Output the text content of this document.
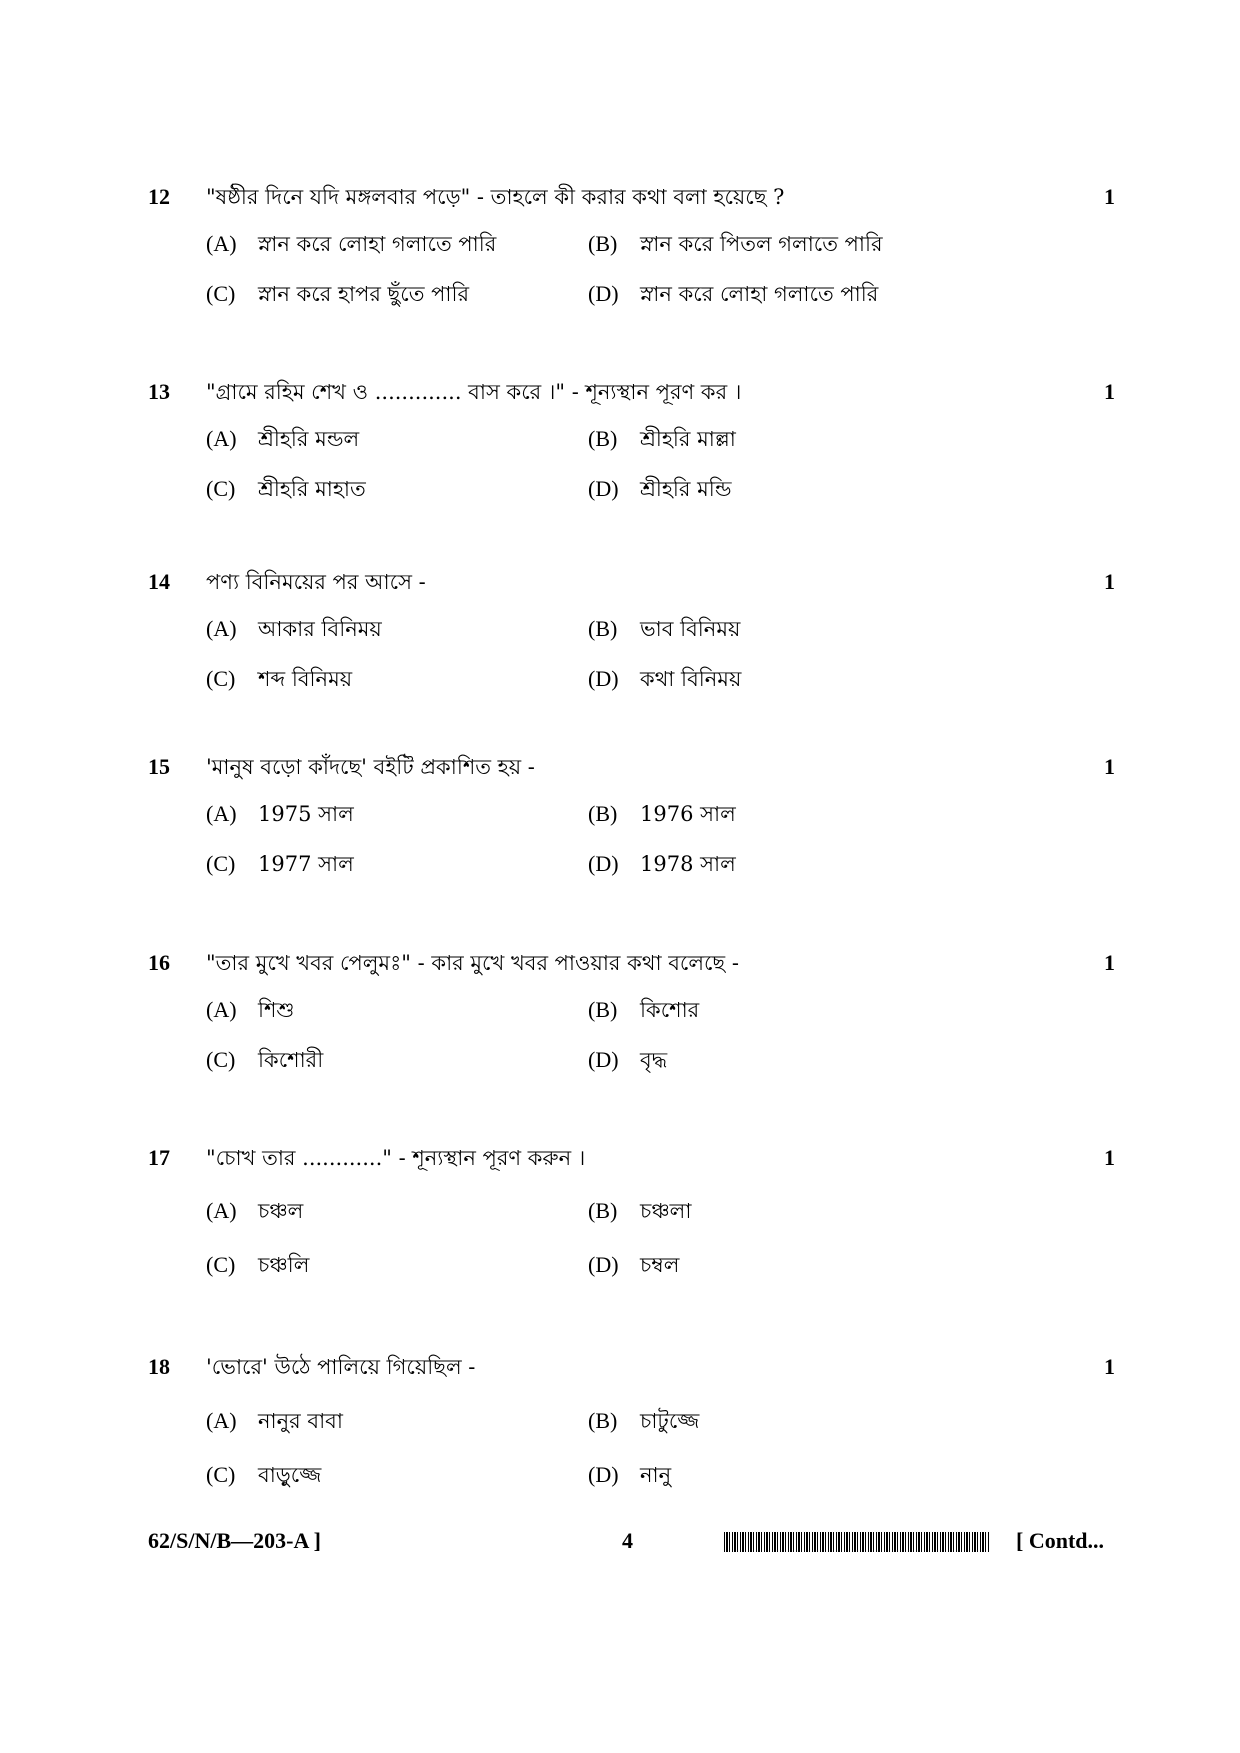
12 "ষষ্ঠীর দিনে যদি মঙ্গলবার পড়ে" - তাহলে কী করার কথা বলা হয়েছে ?	1
(A) স্নান করে লোহা গলাতে পারি	(B) স্নান করে পিতল গলাতে পারি
(C) স্নান করে হাপর ছুঁতে পারি	(D) স্নান করে লোহা গলাতে পারি
13 "গ্রামে রহিম শেখ ও ............. বাস করে ।" - শূন্যস্থান পূরণ কর ।	1
(A) শ্রীহরি মন্ডল	(B) শ্রীহরি মাল্লা
(C) শ্রীহরি মাহাত	(D) শ্রীহরি মন্ডি
14 পণ্য বিনিময়ের পর আসে -	1
(A) আকার বিনিময়	(B) ভাব বিনিময়
(C) শব্দ বিনিময়	(D) কথা বিনিময়
15 'মানুষ বড়ো কাঁদছে' বইটি প্রকাশিত হয় -	1
(A) 1975 সাল	(B) 1976 সাল
(C) 1977 সাল	(D) 1978 সাল
16 "তার মুখে খবর পেলুমঃ" - কার মুখে খবর পাওয়ার কথা বলেছে -	1
(A) শিশু	(B) কিশোর
(C) কিশোরী	(D) বৃদ্ধ
17 "চোখ তার ............" - শূন্যস্থান পূরণ করুন ।	1
(A) চঞ্চল	(B) চঞ্চলা
(C) চঞ্চলি	(D) চম্বল
18 'ভোরে' উঠে পালিয়ে গিয়েছিল -	1
(A) নানুর বাবা	(B) চাটুজ্জে
(C) বাড়ুজ্জে	(D) নানু
62/S/N/B—203-A ]	4	[ Contd...
